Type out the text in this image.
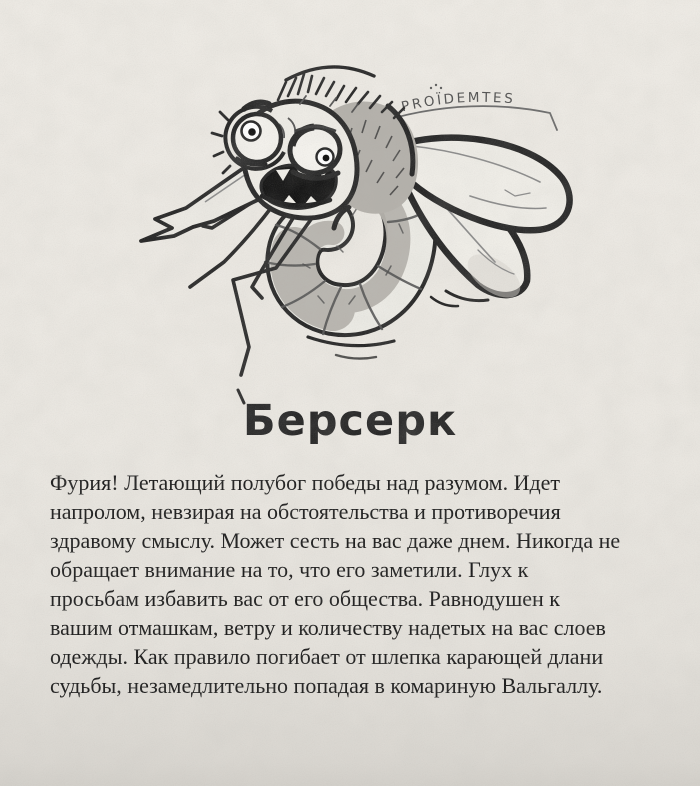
PROÏDEMTES
Берсерк

Фурия! Летающий полубог победы над разумом. Идет

напролом, невзирая на обстоятельства и противоречия

здравому смыслу. Может сесть на вас даже днем. Никогда не

обращает внимание на то, что его заметили. Глух к

просьбам избавить вас от его общества. Равнодушен к

вашим отмашкам, ветру и количеству надетых на вас слоев

одежды. Как правило погибает от шлепка карающей длани

судьбы, незамедлительно попадая в комариную Вальгаллу.
